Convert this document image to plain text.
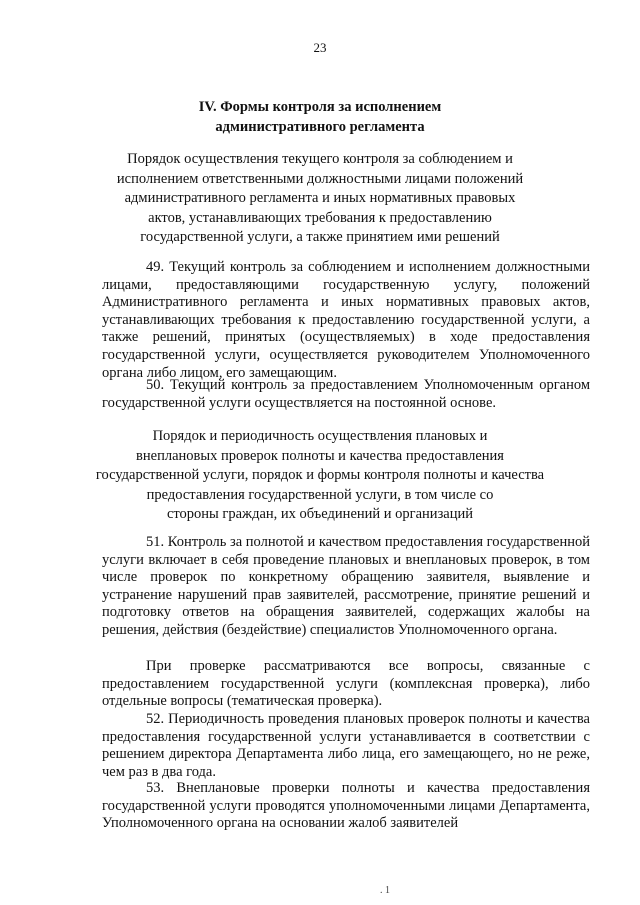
23
IV. Формы контроля за исполнением
административного регламента
Порядок осуществления текущего контроля за соблюдением и
исполнением ответственными должностными лицами положений
административного регламента и иных нормативных правовых
актов, устанавливающих требования к предоставлению
государственной услуги, а также принятием ими решений
49. Текущий контроль за соблюдением и исполнением должностными лицами, предоставляющими государственную услугу, положений Административного регламента и иных нормативных правовых актов, устанавливающих требования к предоставлению государственной услуги, а также решений, принятых (осуществляемых) в ходе предоставления государственной услуги, осуществляется руководителем Уполномоченного органа либо лицом, его замещающим.
50. Текущий контроль за предоставлением Уполномоченным органом государственной услуги осуществляется на постоянной основе.
Порядок и периодичность осуществления плановых и
внеплановых проверок полноты и качества предоставления
государственной услуги, порядок и формы контроля полноты и качества
предоставления государственной услуги, в том числе со
стороны граждан, их объединений и организаций
51. Контроль за полнотой и качеством предоставления государственной услуги включает в себя проведение плановых и внеплановых проверок, в том числе проверок по конкретному обращению заявителя, выявление и устранение нарушений прав заявителей, рассмотрение, принятие решений и подготовку ответов на обращения заявителей, содержащих жалобы на решения, действия (бездействие) специалистов Уполномоченного органа.
При проверке рассматриваются все вопросы, связанные с предоставлением государственной услуги (комплексная проверка), либо отдельные вопросы (тематическая проверка).
52. Периодичность проведения плановых проверок полноты и качества предоставления государственной услуги устанавливается в соответствии с решением директора Департамента либо лица, его замещающего, но не реже, чем раз в два года.
53. Внеплановые проверки полноты и качества предоставления государственной услуги проводятся уполномоченными лицами Департамента, Уполномоченного органа на основании жалоб заявителей
. 1
